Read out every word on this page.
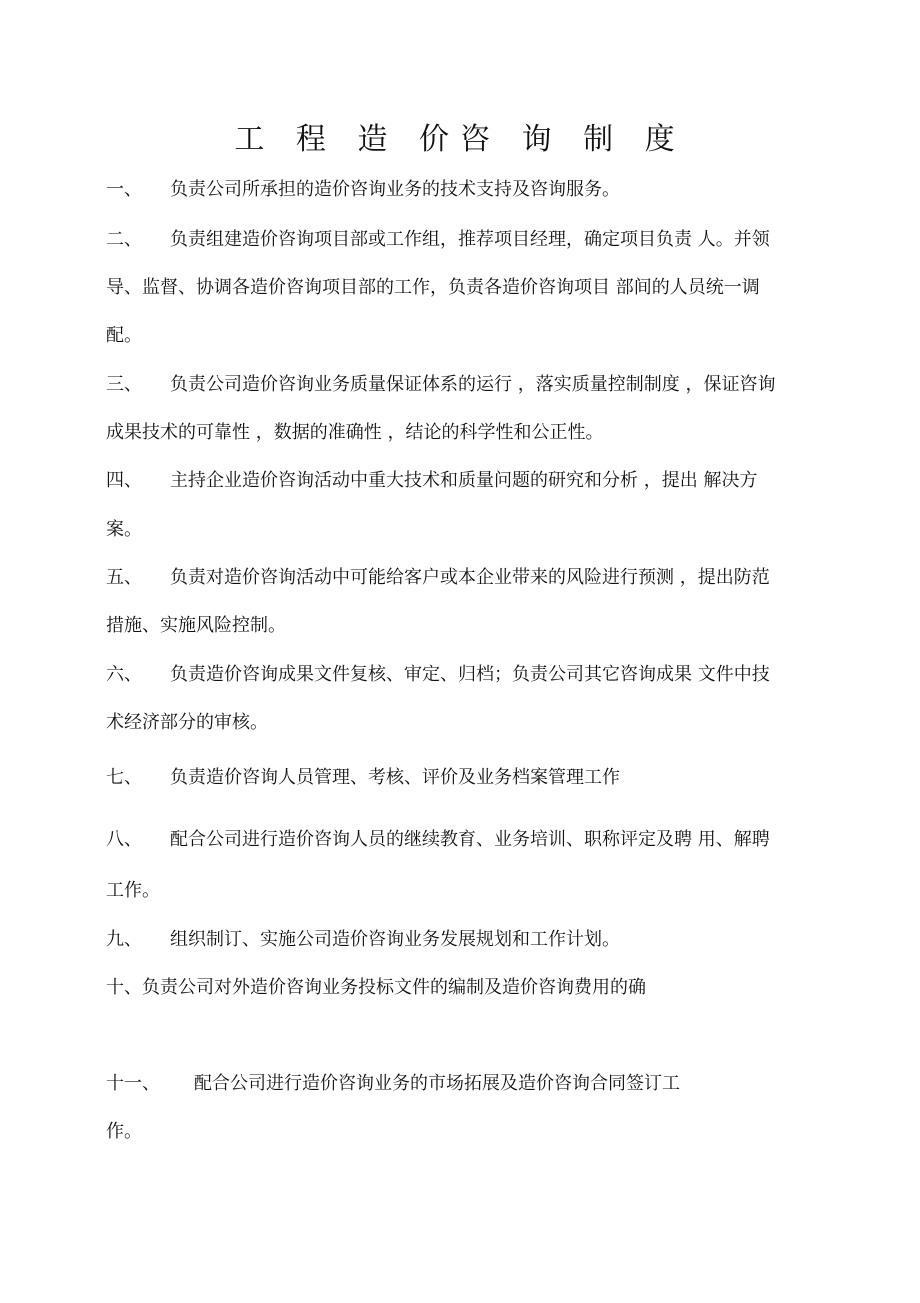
工 程 造 价咨 询 制 度
一、 负责公司所承担的造价咨询业务的技术支持及咨询服务。
二、 负责组建造价咨询项目部或工作组，推荐项目经理，确定项目负责 人。并领
导、监督、协调各造价咨询项目部的工作，负责各造价咨询项目 部间的人员统一调
配。
三、 负责公司造价咨询业务质量保证体系的运行 ，落实质量控制制度 ，保证咨询
成果技术的可靠性 ，数据的准确性 ，结论的科学性和公正性。
四、 主持企业造价咨询活动中重大技术和质量问题的研究和分析 ，提出 解决方
案。
五、 负责对造价咨询活动中可能给客户或本企业带来的风险进行预测 ，提出防范
措施、实施风险控制。
六、 负责造价咨询成果文件复核、审定、归档；负责公司其它咨询成果 文件中技
术经济部分的审核。
七、 负责造价咨询人员管理、考核、评价及业务档案管理工作
八、 配合公司进行造价咨询人员的继续教育、业务培训、职称评定及聘 用、解聘
工作。
九、 组织制订、实施公司造价咨询业务发展规划和工作计划。
十、负责公司对外造价咨询业务投标文件的编制及造价咨询费用的确
十一、 配合公司进行造价咨询业务的市场拓展及造价咨询合同签订工
作。
